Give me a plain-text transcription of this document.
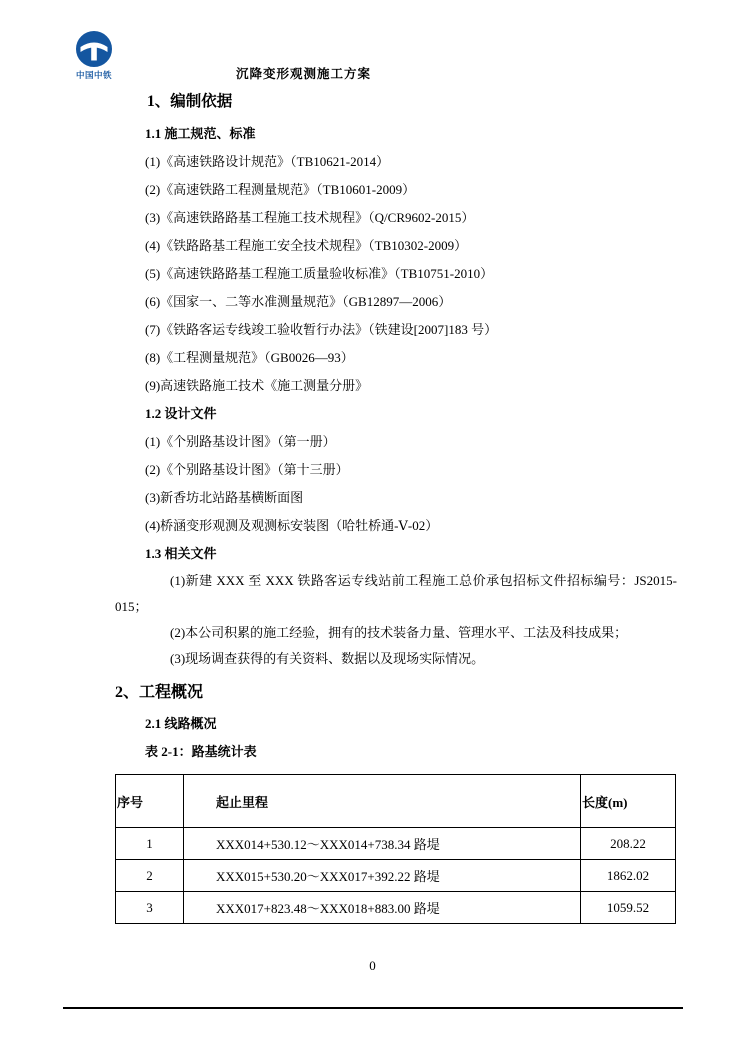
中国中铁	沉降变形观测施工方案
1、编制依据
1.1 施工规范、标准
(1)《高速铁路设计规范》（TB10621-2014）
(2)《高速铁路工程测量规范》（TB10601-2009）
(3)《高速铁路路基工程施工技术规程》（Q/CR9602-2015）
(4)《铁路路基工程施工安全技术规程》（TB10302-2009）
(5)《高速铁路路基工程施工质量验收标准》（TB10751-2010）
(6)《国家一、二等水准测量规范》（GB12897—2006）
(7)《铁路客运专线竣工验收暂行办法》（铁建设[2007]183 号）
(8)《工程测量规范》（GB0026—93）
(9)高速铁路施工技术《施工测量分册》
1.2 设计文件
(1)《个别路基设计图》（第一册）
(2)《个别路基设计图》（第十三册）
(3)新香坊北站路基横断面图
(4)桥涵变形观测及观测标安装图（哈牡桥通-Ⅴ-02）
1.3 相关文件

(1)新建 XXX 至 XXX 铁路客运专线站前工程施工总价承包招标文件招标编号：JS2015-015；

(2)本公司积累的施工经验，拥有的技术装备力量、管理水平、工法及科技成果；

(3)现场调查获得的有关资料、数据以及现场实际情况。

2、工程概况
2.1 线路概况
表 2-1：路基统计表
序号	起止里程	长度(m)
1	XXX014+530.12～XXX014+738.34 路堤	208.22
2	XXX015+530.20～XXX017+392.22 路堤	1862.02
3	XXX017+823.48～XXX018+883.00 路堤	1059.52
0
